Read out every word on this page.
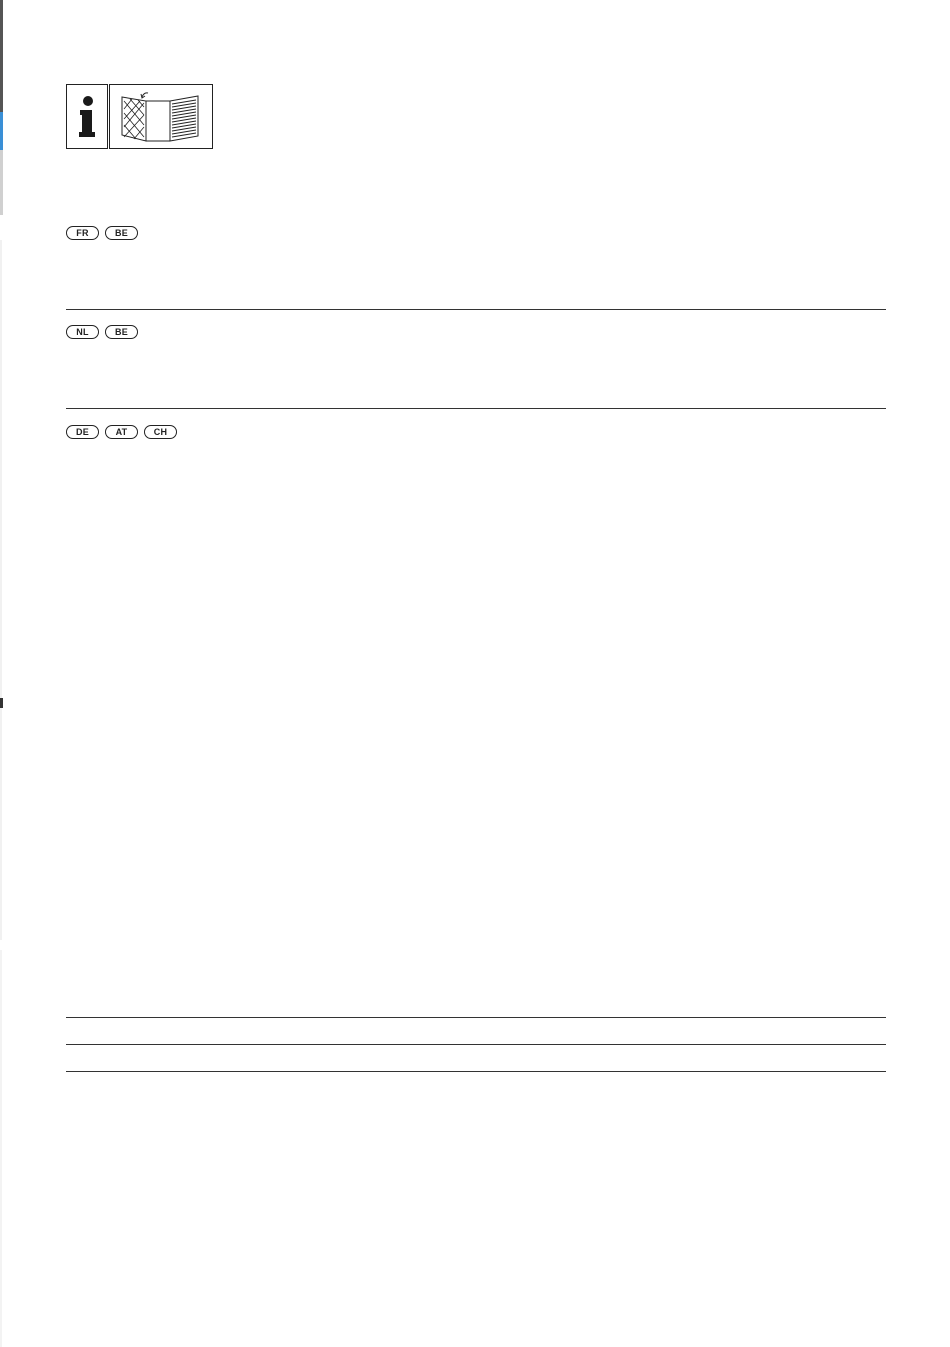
FR	BE
NL	BE
DE	AT	CH
